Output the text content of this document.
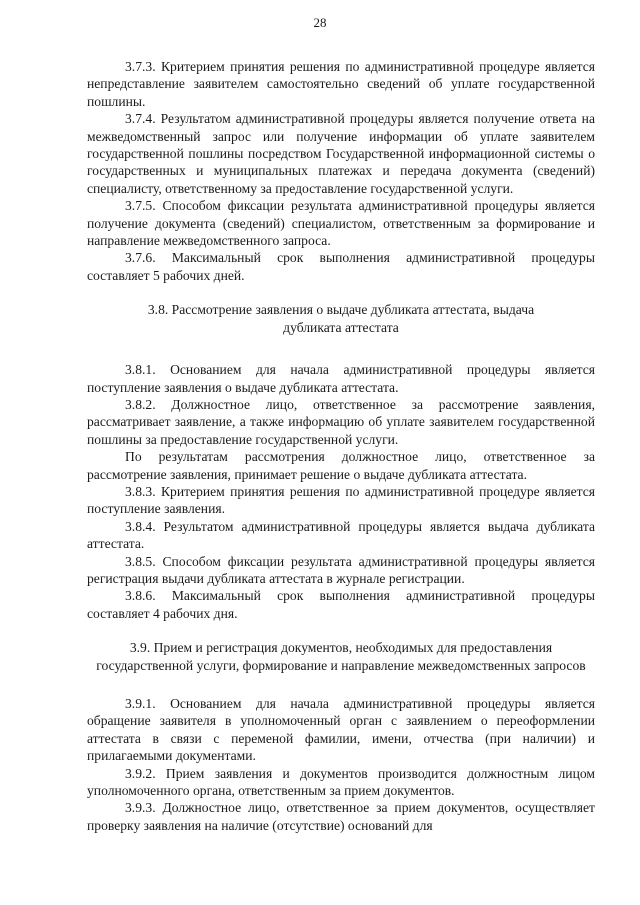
28

3.7.3. Критерием принятия решения по административной процедуре является непредставление заявителем самостоятельно сведений об уплате государственной пошлины.

3.7.4. Результатом административной процедуры является получение ответа на межведомственный запрос или получение информации об уплате заявителем государственной пошлины посредством Государственной информационной системы о государственных и муниципальных платежах и передача документа (сведений) специалисту, ответственному за предоставление государственной услуги.

3.7.5. Способом фиксации результата административной процедуры является получение документа (сведений) специалистом, ответственным за формирование и направление межведомственного запроса.

3.7.6. Максимальный срок выполнения административной процедуры составляет 5 рабочих дней.

3.8. Рассмотрение заявления о выдаче дубликата аттестата, выдача дубликата аттестата

3.8.1. Основанием для начала административной процедуры является поступление заявления о выдаче дубликата аттестата.

3.8.2. Должностное лицо, ответственное за рассмотрение заявления, рассматривает заявление, а также информацию об уплате заявителем государственной пошлины за предоставление государственной услуги.

По результатам рассмотрения должностное лицо, ответственное за рассмотрение заявления, принимает решение о выдаче дубликата аттестата.

3.8.3. Критерием принятия решения по административной процедуре является поступление заявления.

3.8.4. Результатом административной процедуры является выдача дубликата аттестата.

3.8.5. Способом фиксации результата административной процедуры является регистрация выдачи дубликата аттестата в журнале регистрации.

3.8.6. Максимальный срок выполнения административной процедуры составляет 4 рабочих дня.

3.9. Прием и регистрация документов, необходимых для предоставления государственной услуги, формирование и направление межведомственных запросов

3.9.1. Основанием для начала административной процедуры является обращение заявителя в уполномоченный орган с заявлением о переоформлении аттестата в связи с переменой фамилии, имени, отчества (при наличии) и прилагаемыми документами.

3.9.2. Прием заявления и документов производится должностным лицом уполномоченного органа, ответственным за прием документов.

3.9.3. Должностное лицо, ответственное за прием документов, осуществляет проверку заявления на наличие (отсутствие) оснований для
